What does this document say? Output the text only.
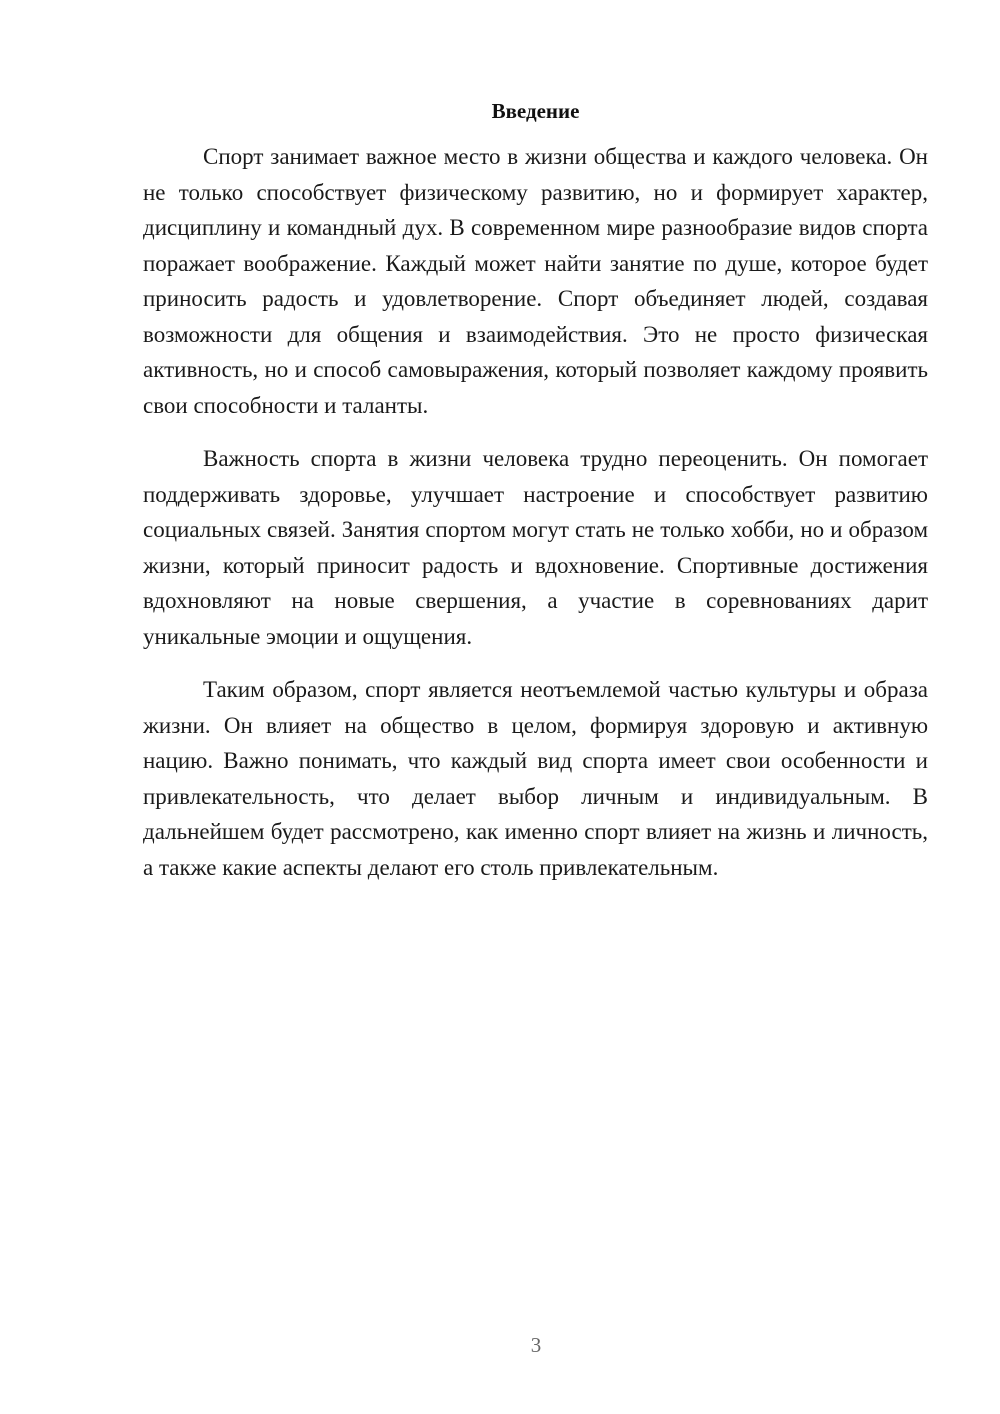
Введение

Спорт занимает важное место в жизни общества и каждого человека. Он не только способствует физическому развитию, но и формирует характер, дисциплину и командный дух. В современном мире разнообразие видов спорта поражает воображение. Каждый может найти занятие по душе, которое будет приносить радость и удовлетворение. Спорт объединяет людей, создавая возможности для общения и взаимодействия. Это не просто физическая активность, но и способ самовыражения, который позволяет каждому проявить свои способности и таланты.

Важность спорта в жизни человека трудно переоценить. Он помогает поддерживать здоровье, улучшает настроение и способствует развитию социальных связей. Занятия спортом могут стать не только хобби, но и образом жизни, который приносит радость и вдохновение. Спортивные достижения вдохновляют на новые свершения, а участие в соревнованиях дарит уникальные эмоции и ощущения.

Таким образом, спорт является неотъемлемой частью культуры и образа жизни. Он влияет на общество в целом, формируя здоровую и активную нацию. Важно понимать, что каждый вид спорта имеет свои особенности и привлекательность, что делает выбор личным и индивидуальным. В дальнейшем будет рассмотрено, как именно спорт влияет на жизнь и личность, а также какие аспекты делают его столь привлекательным.

3
